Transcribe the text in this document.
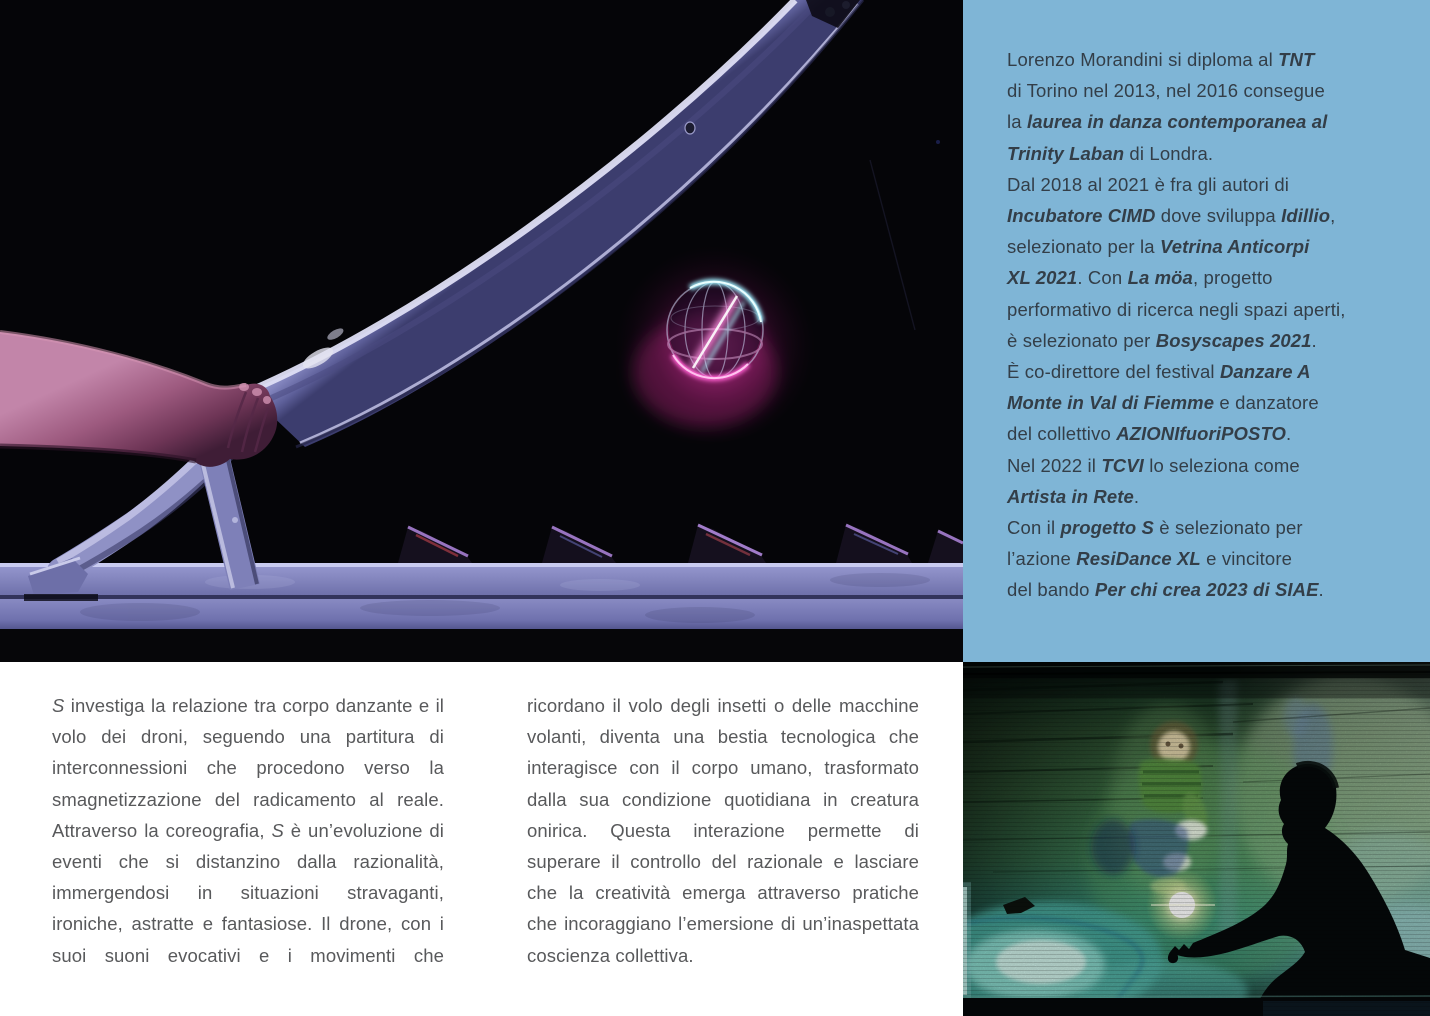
Lorenzo Morandini si diploma al TNT
di Torino nel 2013, nel 2016 consegue
la laurea in danza contemporanea al
Trinity Laban di Londra.
Dal 2018 al 2021 è fra gli autori di
Incubatore CIMD dove sviluppa Idillio,
selezionato per la Vetrina Anticorpi
XL 2021. Con La möa, progetto
performativo di ricerca negli spazi aperti,
è selezionato per Bosyscapes 2021.
È co-direttore del festival Danzare A
Monte in Val di Fiemme e danzatore
del collettivo AZIONIfuoriPOSTO.
Nel 2022 il TCVI lo seleziona come
Artista in Rete.
Con il progetto S è selezionato per
l’azione ResiDance XL e vincitore
del bando Per chi crea 2023 di SIAE.

S investiga la relazione tra corpo danzante e il volo dei droni, seguendo una partitura di interconnessioni che procedono verso la smagnetizzazione del radicamento al reale. Attraverso la coreografia, S è un’evoluzione di eventi che si distanzino dalla razionalità, immergendosi in situazioni stravaganti, ironiche, astratte e fantasiose. Il drone, con i suoi suoni evocativi e i movimenti che

ricordano il volo degli insetti o delle macchine volanti, diventa una bestia tecnologica che interagisce con il corpo umano, trasformato dalla sua condizione quotidiana in creatura onirica. Questa interazione permette di superare il controllo del razionale e lasciare che la creatività emerga attraverso pratiche che incoraggiano l’emersione di un’inaspettata coscienza collettiva.
